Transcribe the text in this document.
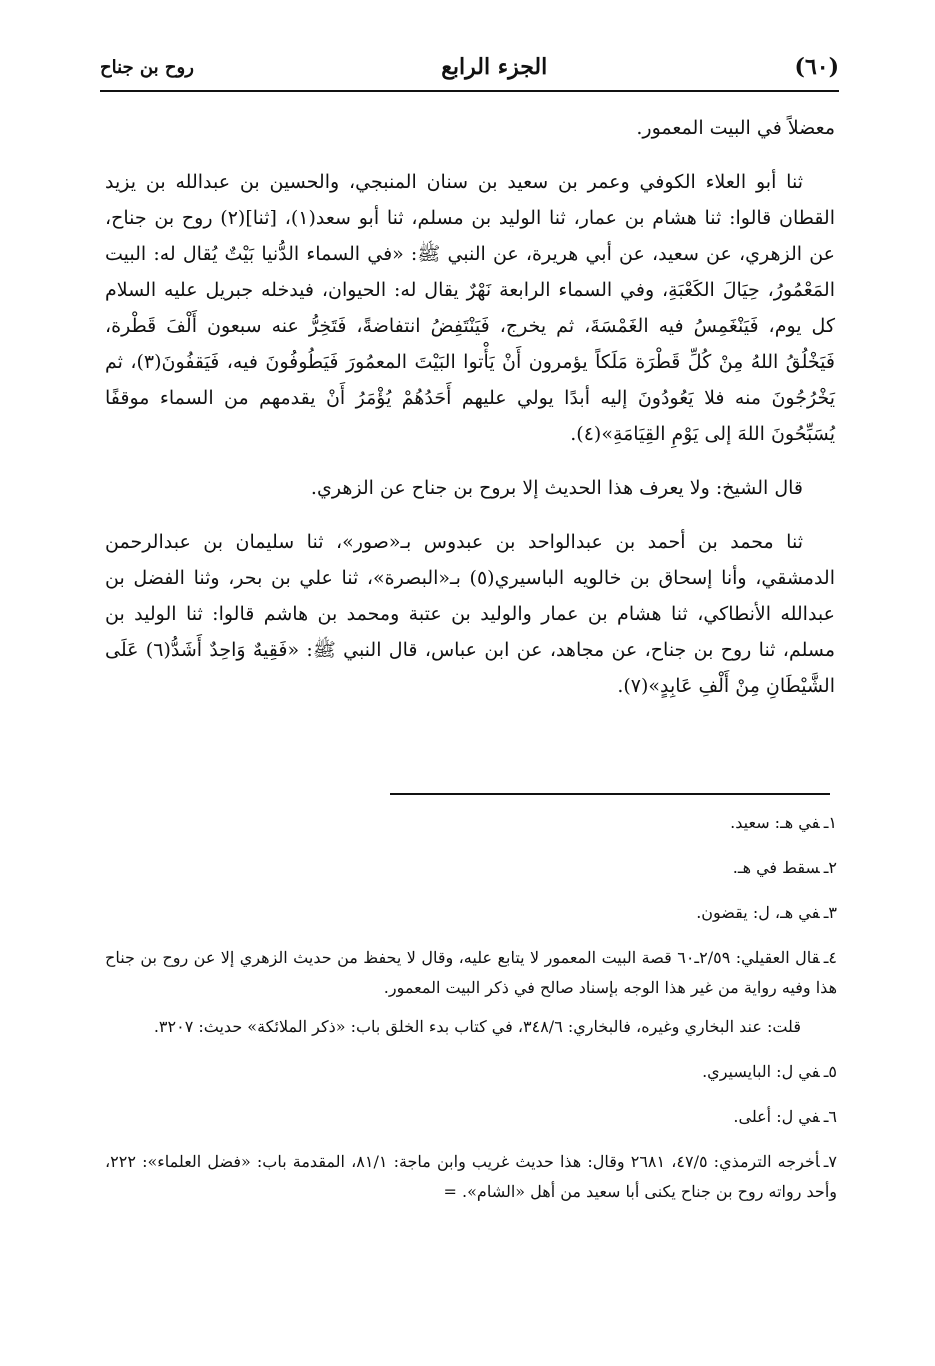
(٦٠)
الجزء الرابع
روح بن جناح

معضلاً في البيت المعمور.

ثنا أبو العلاء الكوفي وعمر بن سعيد بن سنان المنبجي، والحسين بن عبدالله بن يزيد القطان قالوا: ثنا هشام بن عمار، ثنا الوليد بن مسلم، ثنا أبو سعد(١)، [ثنا](٢) روح بن جناح، عن الزهري، عن سعيد، عن أبي هريرة، عن النبي ﷺ: «في السماء الدُّنيا بَيْتٌ يُقال له: البيت المَعْمُورُ، حِيَالَ الكَعْبَةِ، وفي السماء الرابعة نَهْرٌ يقال له: الحيوان، فيدخله جبريل عليه السلام كل يوم، فَيَنْغَمِسُ فيه الغَمْسَةَ، ثم يخرج، فَيَنْتَفِضُ انتفاضةً، فَتَخِرُّ عنه سبعون أَلْفَ قَطْرة، فَيَخْلُقُ اللهُ مِنْ كُلِّ قَطْرَة مَلَكاً يؤمرون أَنْ يَأْتوا البَيْتَ المعمُورَ فَيَطُوفُونَ فيه، فَيَقفُونَ(٣)، ثم يَخْرُجُونَ منه فلا يَعُودُونَ إليه أبدًا يولي عليهم أَحَدُهُمْ يُؤْمَرُ أَنْ يقدمهم من السماء موقفًا يُسَبِّحُونَ اللهَ إلى يَوْمِ القِيَامَةِ»(٤).

قال الشيخ: ولا يعرف هذا الحديث إلا بروح بن جناح عن الزهري.

ثنا محمد بن أحمد بن عبدالواحد بن عبدوس بـ«صور»، ثنا سليمان بن عبدالرحمن الدمشقي، وأنا إسحاق بن خالويه الباسيري(٥) بـ«البصرة»، ثنا علي بن بحر، وثنا الفضل بن عبدالله الأنطاكي، ثنا هشام بن عمار والوليد بن عتبة ومحمد بن هاشم قالوا: ثنا الوليد بن مسلم، ثنا روح بن جناح، عن مجاهد، عن ابن عباس، قال النبي ﷺ: «فَقِيهٌ وَاحِدٌ أَشَدُّ(٦) عَلَى الشَّيْطَانِ مِنْ أَلْفِ عَابِدٍ»(٧).

١ـفي هـ: سعيد.
٢ـسقط في هـ.
٣ـفي هـ، ل: يقضون.
٤ـقال العقيلي: ٢/٥٩ـ٦٠ قصة البيت المعمور لا يتابع عليه، وقال لا يحفظ من حديث الزهري إلا عن روح بن جناح هذا وفيه رواية من غير هذا الوجه بإسناد صالح في ذكر البيت المعمور.
قلت: عند البخاري وغيره، فالبخاري: ٣٤٨/٦، في كتاب بدء الخلق باب: «ذكر الملائكة» حديث: ٣٢٠٧.
٥ـفي ل: البايسيري.
٦ـفي ل: أعلى.
٧ـأخرجه الترمذي: ٤٧/٥، ٢٦٨١ وقال: هذا حديث غريب وابن ماجة: ٨١/١، المقدمة باب: «فضل العلماء»: ٢٢٢، وأحد رواته روح بن جناح يكنى أبا سعيد من أهل «الشام». =
